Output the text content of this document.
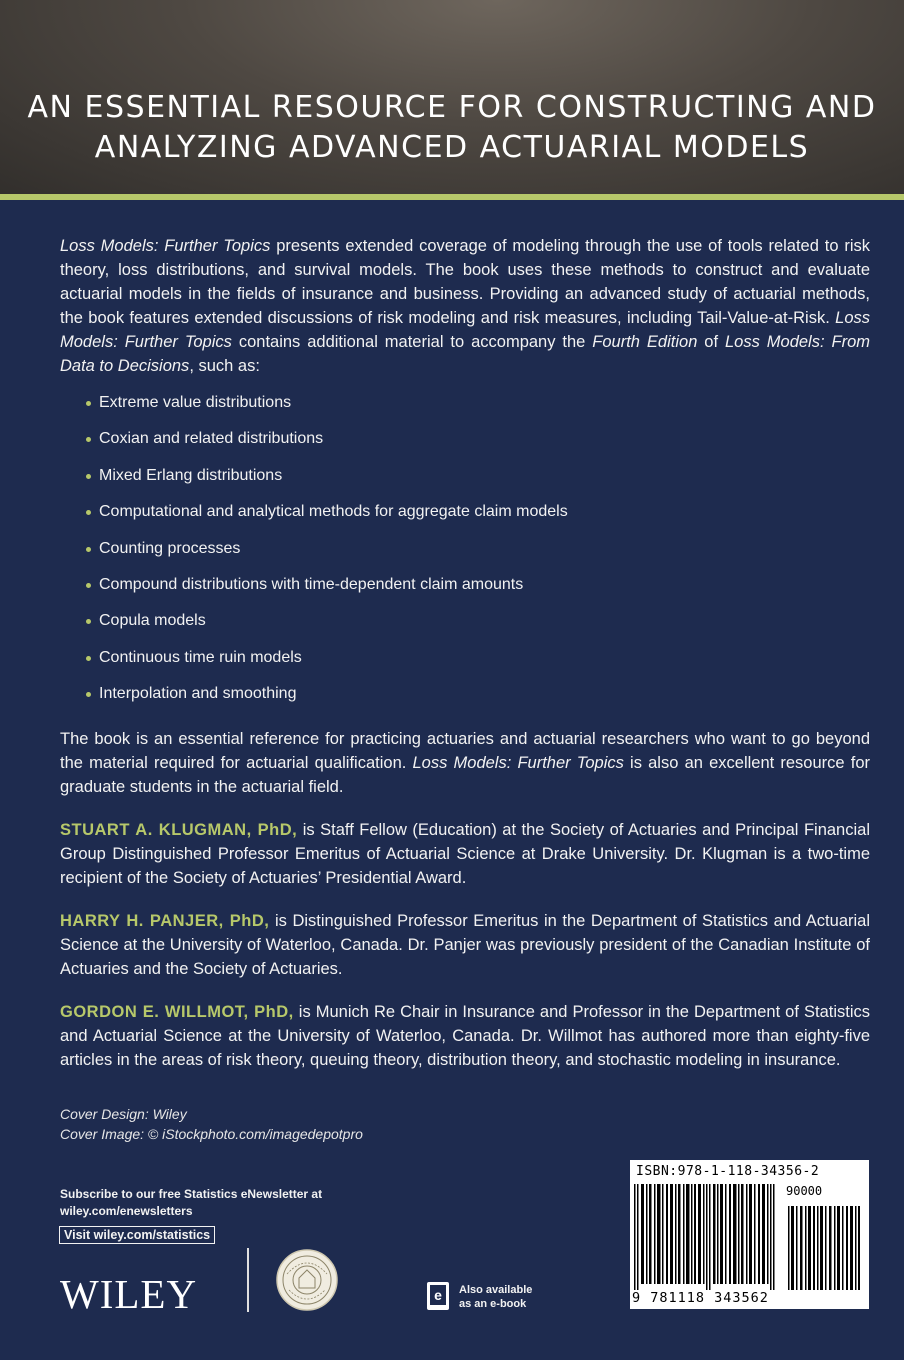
AN ESSENTIAL RESOURCE FOR CONSTRUCTING AND
ANALYZING ADVANCED ACTUARIAL MODELS

Loss Models: Further Topics presents extended coverage of modeling through the use of tools related to risk theory, loss distributions, and survival models. The book uses these methods to construct and evaluate actuarial models in the fields of insurance and business. Providing an advanced study of actuarial methods, the book features extended discussions of risk modeling and risk measures, including Tail-Value-at-Risk. Loss Models: Further Topics contains additional material to accompany the Fourth Edition of Loss Models: From Data to Decisions, such as:

Extreme value distributions
Coxian and related distributions
Mixed Erlang distributions
Computational and analytical methods for aggregate claim models
Counting processes
Compound distributions with time-dependent claim amounts
Copula models
Continuous time ruin models
Interpolation and smoothing

The book is an essential reference for practicing actuaries and actuarial researchers who want to go beyond the material required for actuarial qualification. Loss Models: Further Topics is also an excellent resource for graduate students in the actuarial field.

STUART A. KLUGMAN, PhD, is Staff Fellow (Education) at the Society of Actuaries and Principal Financial Group Distinguished Professor Emeritus of Actuarial Science at Drake University. Dr. Klugman is a two-time recipient of the Society of Actuaries’ Presidential Award.

HARRY H. PANJER, PhD, is Distinguished Professor Emeritus in the Department of Statistics and Actuarial Science at the University of Waterloo, Canada. Dr. Panjer was previously president of the Canadian Institute of Actuaries and the Society of Actuaries.

GORDON E. WILLMOT, PhD, is Munich Re Chair in Insurance and Professor in the Department of Statistics and Actuarial Science at the University of Waterloo, Canada. Dr. Willmot has authored more than eighty-five articles in the areas of risk theory, queuing theory, distribution theory, and stochastic modeling in insurance.

Cover Design: Wiley
Cover Image: © iStockphoto.com/imagedepotpro
Subscribe to our free Statistics eNewsletter at
wiley.com/enewsletters
Visit wiley.com/statistics
WILEY	e Also available
as an e-book
ISBN:978-1-118-34356-2
90000
9 781118 343562
